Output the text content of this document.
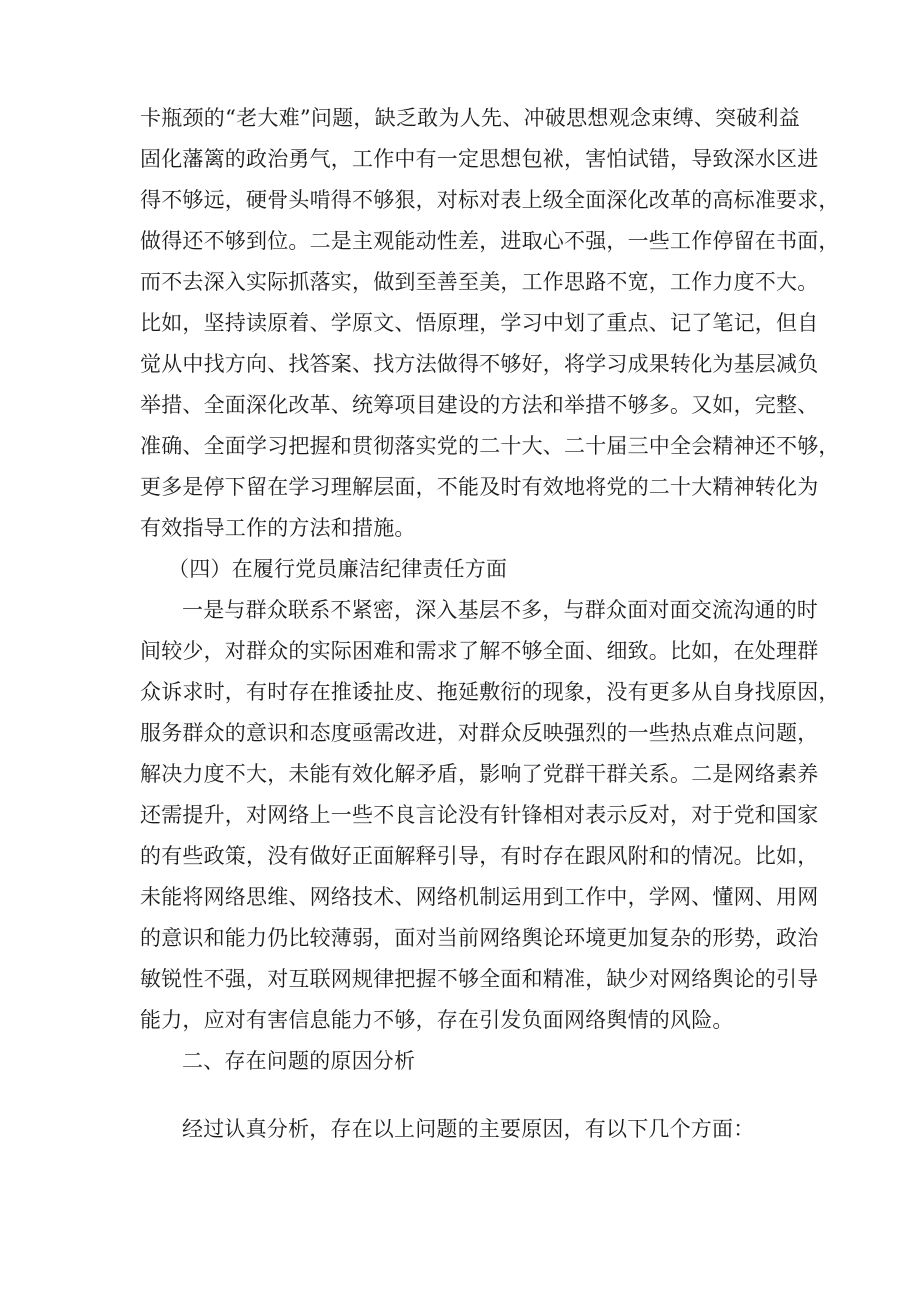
卡瓶颈的“老大难”问题，缺乏敢为人先、冲破思想观念束缚、突破利益
固化藩篱的政治勇气，工作中有一定思想包袱，害怕试错，导致深水区进
得不够远，硬骨头啃得不够狠，对标对表上级全面深化改革的高标准要求，
做得还不够到位。二是主观能动性差，进取心不强，一些工作停留在书面，
而不去深入实际抓落实，做到至善至美，工作思路不宽，工作力度不大。
比如，坚持读原着、学原文、悟原理，学习中划了重点、记了笔记，但自
觉从中找方向、找答案、找方法做得不够好，将学习成果转化为基层减负
举措、全面深化改革、统筹项目建设的方法和举措不够多。又如，完整、
准确、全面学习把握和贯彻落实党的二十大、二十届三中全会精神还不够，
更多是停下留在学习理解层面，不能及时有效地将党的二十大精神转化为
有效指导工作的方法和措施。
（四）在履行党员廉洁纪律责任方面
一是与群众联系不紧密，深入基层不多，与群众面对面交流沟通的时
间较少，对群众的实际困难和需求了解不够全面、细致。比如，在处理群
众诉求时，有时存在推诿扯皮、拖延敷衍的现象，没有更多从自身找原因，
服务群众的意识和态度亟需改进，对群众反映强烈的一些热点难点问题，
解决力度不大，未能有效化解矛盾，影响了党群干群关系。二是网络素养
还需提升，对网络上一些不良言论没有针锋相对表示反对，对于党和国家
的有些政策，没有做好正面解释引导，有时存在跟风附和的情况。比如，
未能将网络思维、网络技术、网络机制运用到工作中，学网、懂网、用网
的意识和能力仍比较薄弱，面对当前网络舆论环境更加复杂的形势，政治
敏锐性不强，对互联网规律把握不够全面和精准，缺少对网络舆论的引导
能力，应对有害信息能力不够，存在引发负面网络舆情的风险。
二、存在问题的原因分析
经过认真分析，存在以上问题的主要原因，有以下几个方面：
